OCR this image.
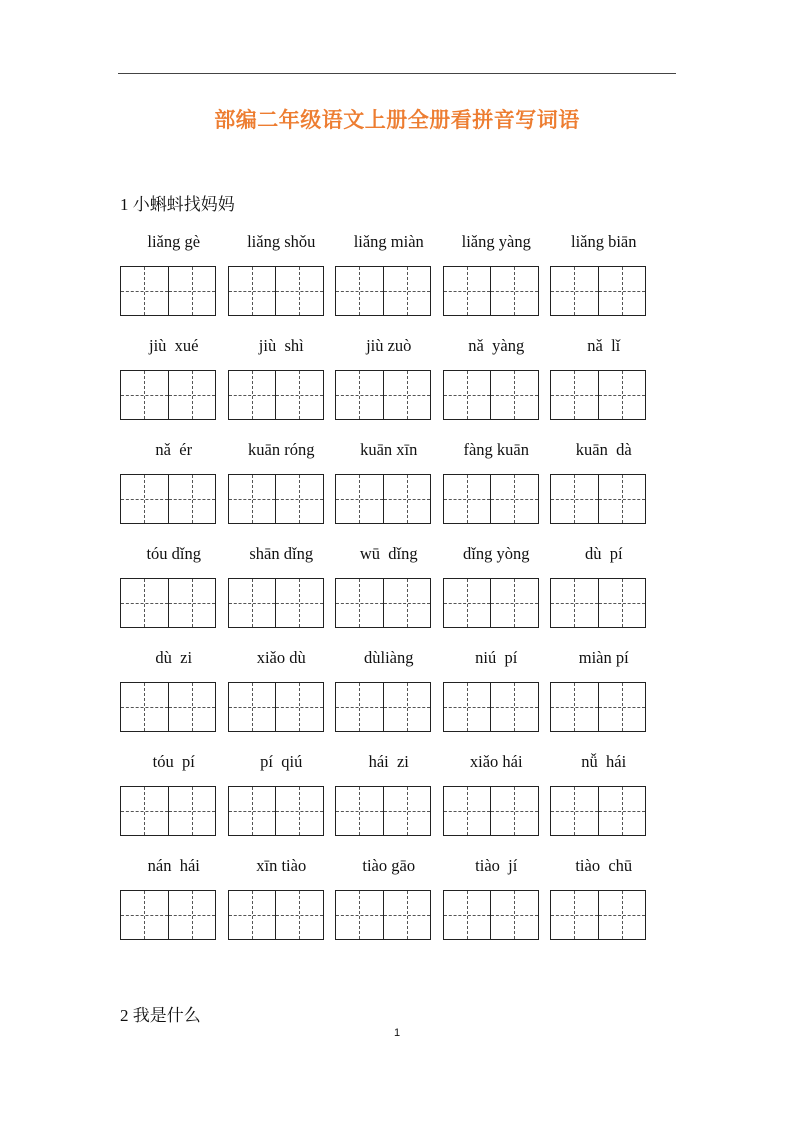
部编二年级语文上册全册看拼音写词语
1 小蝌蚪找妈妈
liǎng gè	liǎng shǒu	liǎng miàn	liǎng yàng	liǎng biān
jiù  xué	jiù  shì	jiù zuò	nǎ  yàng	nǎ  lǐ
nǎ  ér	kuān róng	kuān xīn	fàng kuān	kuān  dà
tóu dǐng	shān dǐng	wū  dǐng	dǐng yòng	dù  pí
dù  zi	xiǎo dù	dùliàng	niú  pí	miàn pí
tóu  pí	pí  qiú	hái  zi	xiǎo hái	nǚ  hái
nán  hái	xīn tiào	tiào gāo	tiào  jí	tiào  chū
2 我是什么
1
